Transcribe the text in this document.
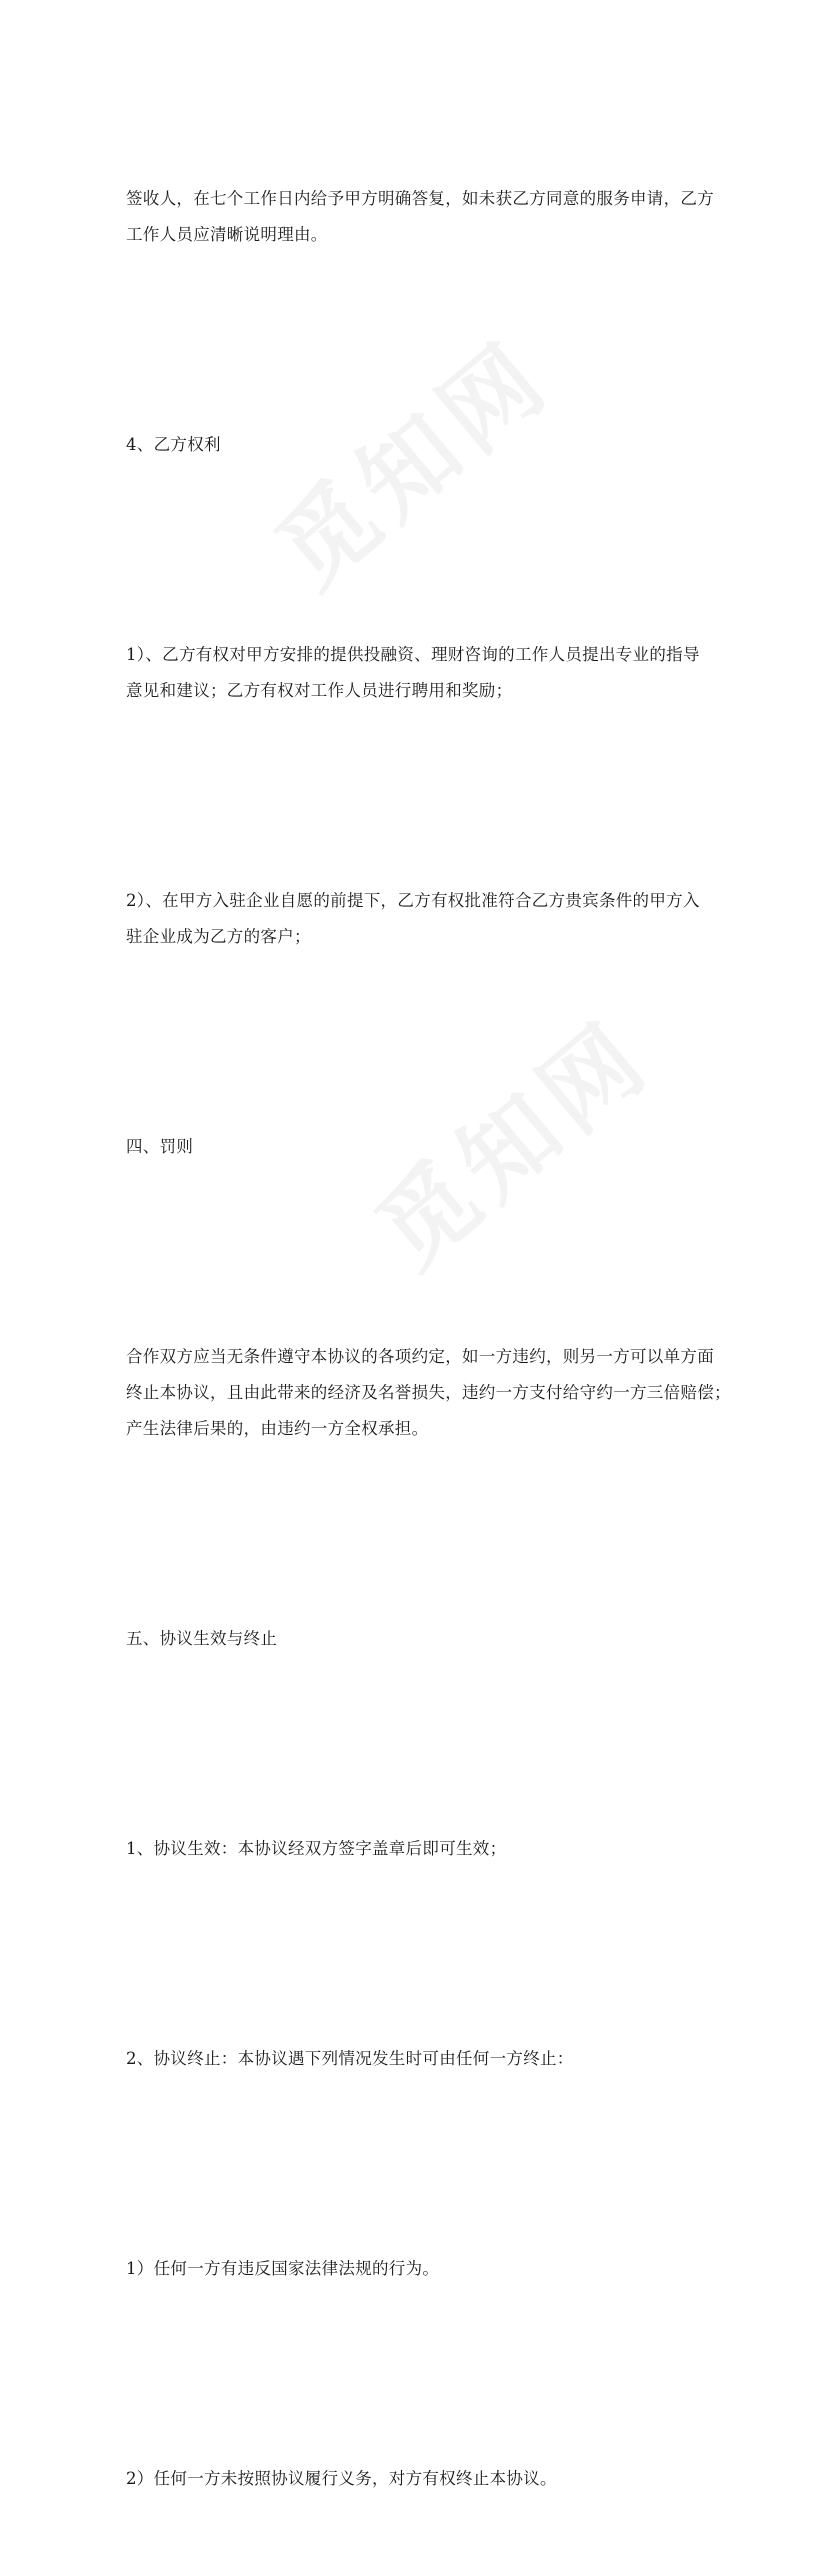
签收人，在七个工作日内给予甲方明确答复，如未获乙方同意的服务申请，乙方
工作人员应清晰说明理由。

4、乙方权利

1）、乙方有权对甲方安排的提供投融资、理财咨询的工作人员提出专业的指导
意见和建议；乙方有权对工作人员进行聘用和奖励；

2）、在甲方入驻企业自愿的前提下，乙方有权批准符合乙方贵宾条件的甲方入
驻企业成为乙方的客户；

四、罚则

合作双方应当无条件遵守本协议的各项约定，如一方违约，则另一方可以单方面
终止本协议，且由此带来的经济及名誉损失，违约一方支付给守约一方三倍赔偿；
产生法律后果的，由违约一方全权承担。

五、协议生效与终止

1、协议生效：本协议经双方签字盖章后即可生效；

2、协议终止：本协议遇下列情况发生时可由任何一方终止：

1）任何一方有违反国家法律法规的行为。

2）任何一方未按照协议履行义务，对方有权终止本协议。
